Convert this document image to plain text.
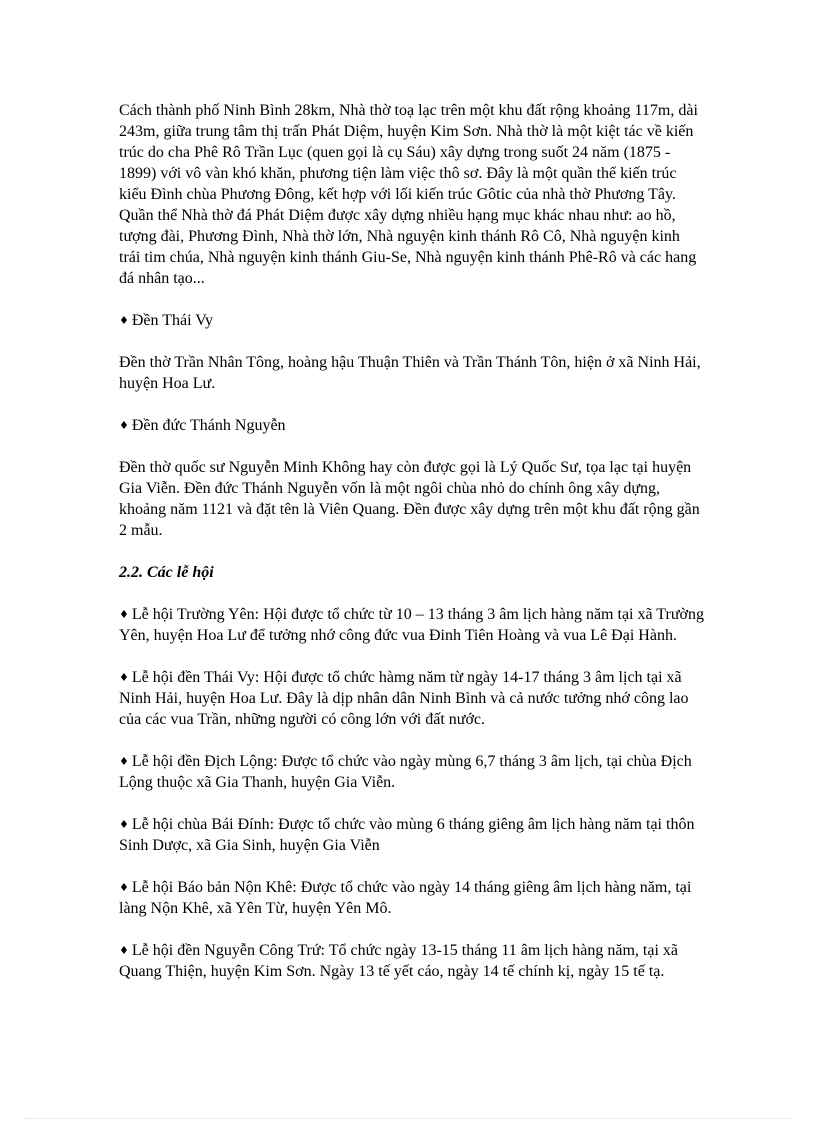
Cách thành phố Ninh Bình 28km, Nhà thờ toạ lạc trên một khu đất rộng khoảng 117m, dài 243m, giữa trung tâm thị trấn Phát Diệm, huyện Kim Sơn. Nhà thờ là một kiệt tác về kiến trúc do cha Phê Rô Trần Lục (quen gọi là cụ Sáu) xây dựng trong suốt 24 năm (1875 - 1899) với vô vàn khó khăn, phương tiện làm việc thô sơ. Đây là một quần thể kiến trúc kiểu Đình chùa Phương Đông, kết hợp với lối kiến trúc Gôtic của nhà thờ Phương Tây. Quần thể Nhà thờ đá Phát Diệm được xây dựng nhiều hạng mục khác nhau như: ao hồ, tượng đài, Phương Đình, Nhà thờ lớn, Nhà nguyện kinh thánh Rô Cô, Nhà nguyện kinh trái tim chúa, Nhà nguyện kinh thánh Giu-Se, Nhà nguyện kinh thánh Phê-Rô và các hang đá nhân tạo...

♦ Đền Thái Vy

Đền thờ Trần Nhân Tông, hoàng hậu Thuận Thiên và Trần Thánh Tôn, hiện ở xã Ninh Hải, huyện Hoa Lư.

♦ Đền đức Thánh Nguyễn

Đền thờ quốc sư Nguyễn Minh Không hay còn được gọi là Lý Quốc Sư, tọa lạc tại huyện Gia Viễn. Đền đức Thánh Nguyễn vốn là một ngôi chùa nhỏ do chính ông xây dựng, khoảng năm 1121 và đặt tên là Viên Quang. Đền được xây dựng trên một khu đất rộng gần 2 mẫu.

2.2. Các lễ hội

♦ Lễ hội Trường Yên: Hội được tổ chức từ 10 – 13 tháng 3 âm lịch hàng năm tại xã Trường Yên, huyện Hoa Lư để tưởng nhớ công đức vua Đinh Tiên Hoàng và vua Lê Đại Hành.

♦ Lễ hội đền Thái Vy: Hội được tổ chức hàmg năm từ ngày 14-17 tháng 3 âm lịch tại xã Ninh Hải, huyện Hoa Lư. Đây là dịp nhân dân Ninh Bình và cả nước tưởng nhớ công lao của các vua Trần, những người có công lớn với đất nước.

♦ Lễ hội đền Địch Lộng: Được tổ chức vào ngày mùng 6,7 tháng 3 âm lịch, tại chùa Địch Lộng thuộc xã Gia Thanh, huyện Gia Viễn.

♦ Lễ hội chùa Bái Đính: Được tổ chức vào mùng 6 tháng giêng âm lịch hàng năm tại thôn Sinh Dược, xã Gia Sinh, huyện Gia Viễn

♦ Lễ hội Báo bản Nộn Khê: Được tổ chức vào ngày 14 tháng giêng âm lịch hàng năm, tại làng Nộn Khê, xã Yên Từ, huyện Yên Mô.

♦ Lễ hội đền Nguyễn Công Trứ: Tổ chức ngày 13-15 tháng 11 âm lịch hàng năm, tại xã Quang Thiện, huyện Kim Sơn. Ngày 13 tế yết cáo, ngày 14 tế chính kị, ngày 15 tế tạ.
